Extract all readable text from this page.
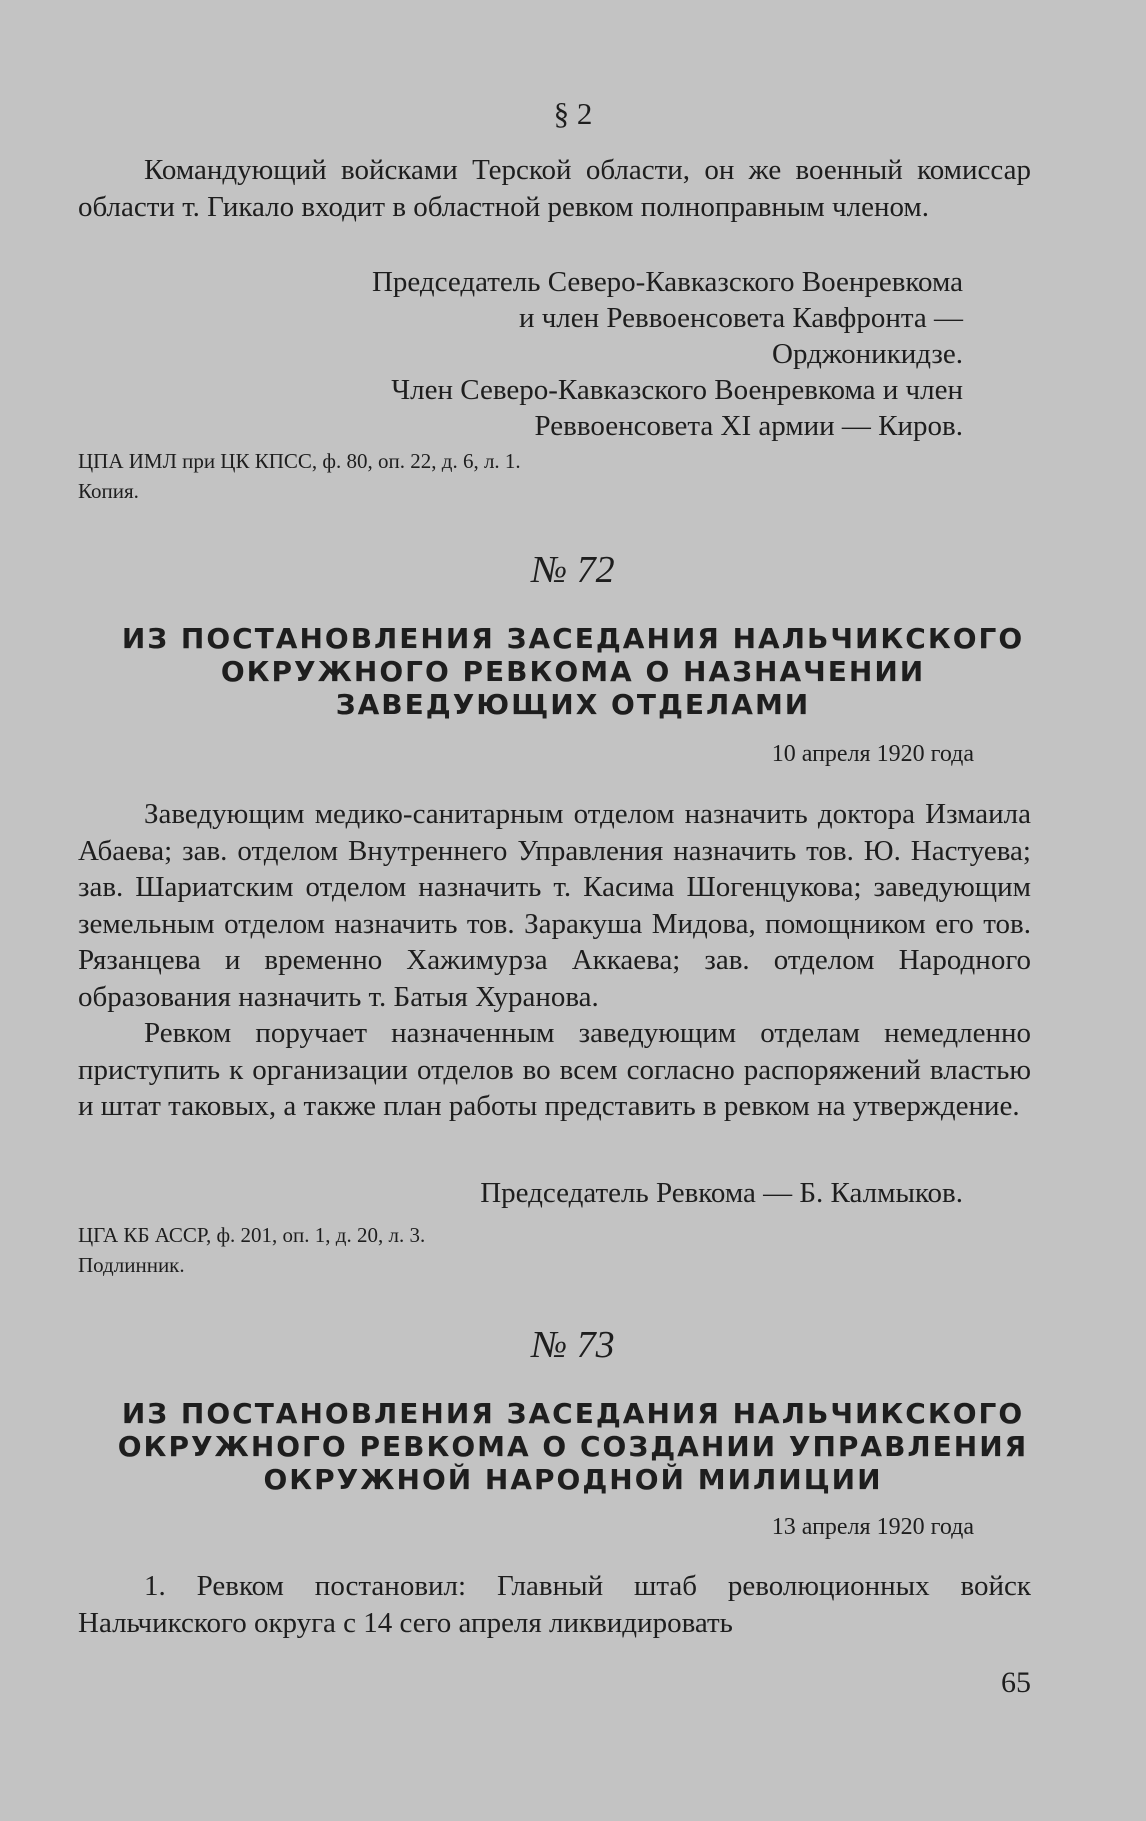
§ 2

Командующий войсками Терской области, он же военный комиссар области т. Гикало входит в областной ревком полноправным членом.

Председатель Северо-Кавказского Военревкома
и член Реввоенсовета Кавфронта —
Орджоникидзе.
Член Северо-Кавказского Военревкома и член
Реввоенсовета XI армии — Киров.
ЦПА ИМЛ при ЦК КПСС, ф. 80, оп. 22, д. 6, л. 1.
Копия.
№ 72
ИЗ ПОСТАНОВЛЕНИЯ ЗАСЕДАНИЯ НАЛЬЧИКСКОГО
ОКРУЖНОГО РЕВКОМА О НАЗНАЧЕНИИ
ЗАВЕДУЮЩИХ ОТДЕЛАМИ
10 апреля 1920 года

Заведующим медико-санитарным отделом назначить доктора Измаила Абаева; зав. отделом Внутреннего Управления назначить тов. Ю. Настуева; зав. Шариатским отделом назначить т. Касима Шогенцукова; заведующим земельным отделом назначить тов. Заракуша Мидова, помощником его тов. Рязанцева и временно Хажимурза Аккаева; зав. отделом Народного образования назначить т. Батыя Хуранова.

Ревком поручает назначенным заведующим отделам немедленно приступить к организации отделов во всем согласно распоряжений властью и штат таковых, а также план работы представить в ревком на утверждение.

Председатель Ревкома — Б. Калмыков.
ЦГА КБ АССР, ф. 201, оп. 1, д. 20, л. 3.
Подлинник.
№ 73
ИЗ ПОСТАНОВЛЕНИЯ ЗАСЕДАНИЯ НАЛЬЧИКСКОГО
ОКРУЖНОГО РЕВКОМА О СОЗДАНИИ УПРАВЛЕНИЯ
ОКРУЖНОЙ НАРОДНОЙ МИЛИЦИИ
13 апреля 1920 года

1. Ревком постановил: Главный штаб революционных войск Нальчикского округа с 14 сего апреля ликвидировать

65
